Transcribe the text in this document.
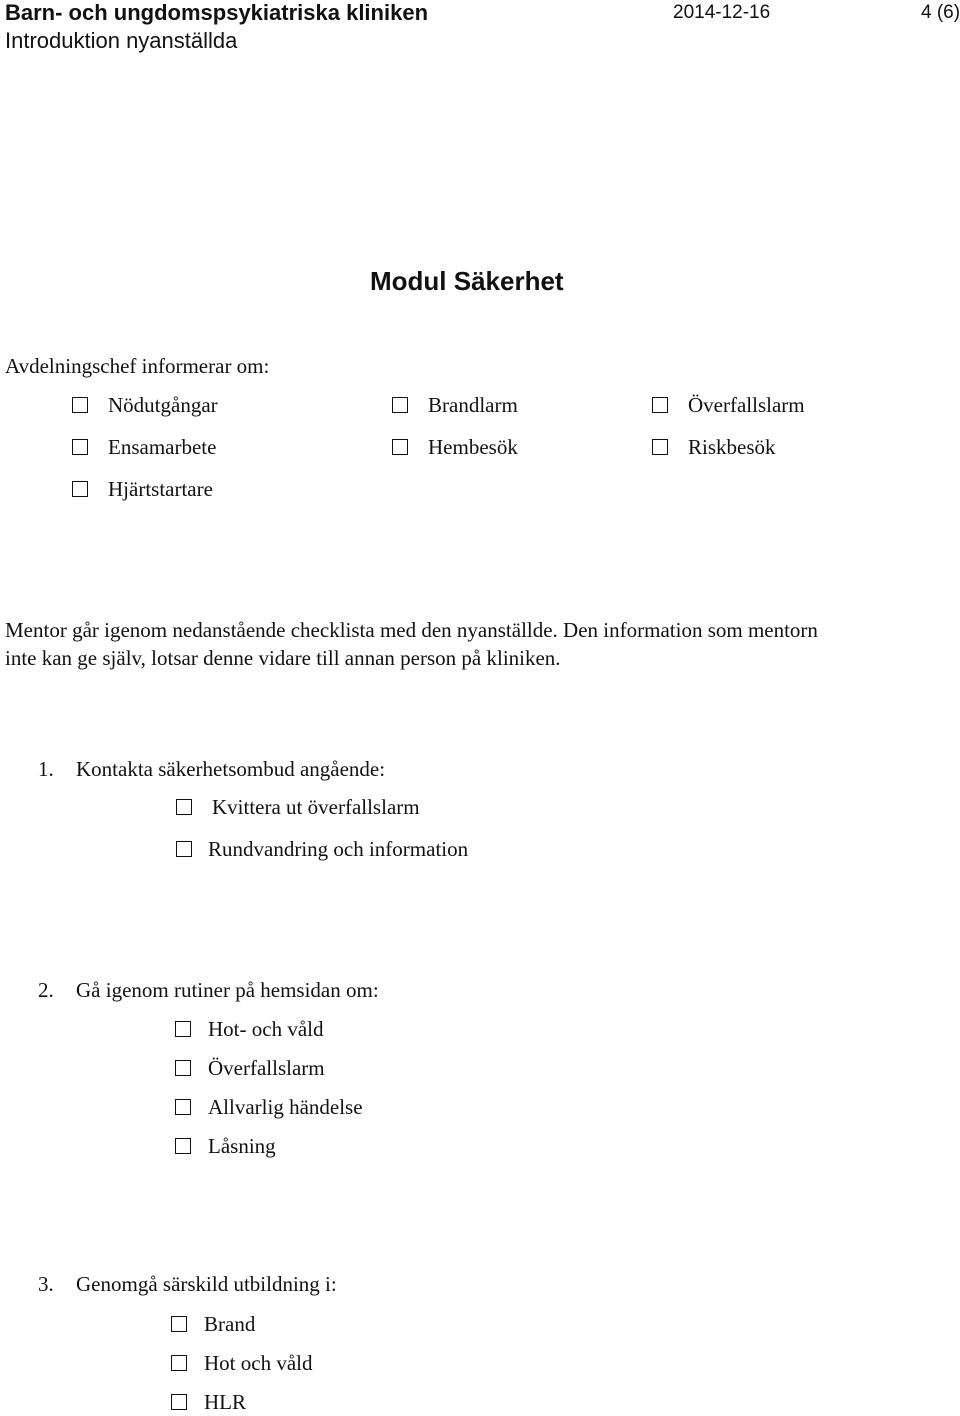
Barn- och ungdomspsykiatriska kliniken
Introduktion nyanställda
2014-12-16	4 (6)
Modul Säkerhet
Avdelningschef informerar om:
Nödutgångar	Brandlarm	Överfallslarm
Ensamarbete	Hembesök	Riskbesök
Hjärtstartare
Mentor går igenom nedanstående checklista med den nyanställde. Den information som mentorn
inte kan ge själv, lotsar denne vidare till annan person på kliniken.
1. Kontakta säkerhetsombud angående:
Kvittera ut överfallslarm
Rundvandring och information
2. Gå igenom rutiner på hemsidan om:
Hot- och våld
Överfallslarm
Allvarlig händelse
Låsning
3. Genomgå särskild utbildning i:
Brand
Hot och våld
HLR
